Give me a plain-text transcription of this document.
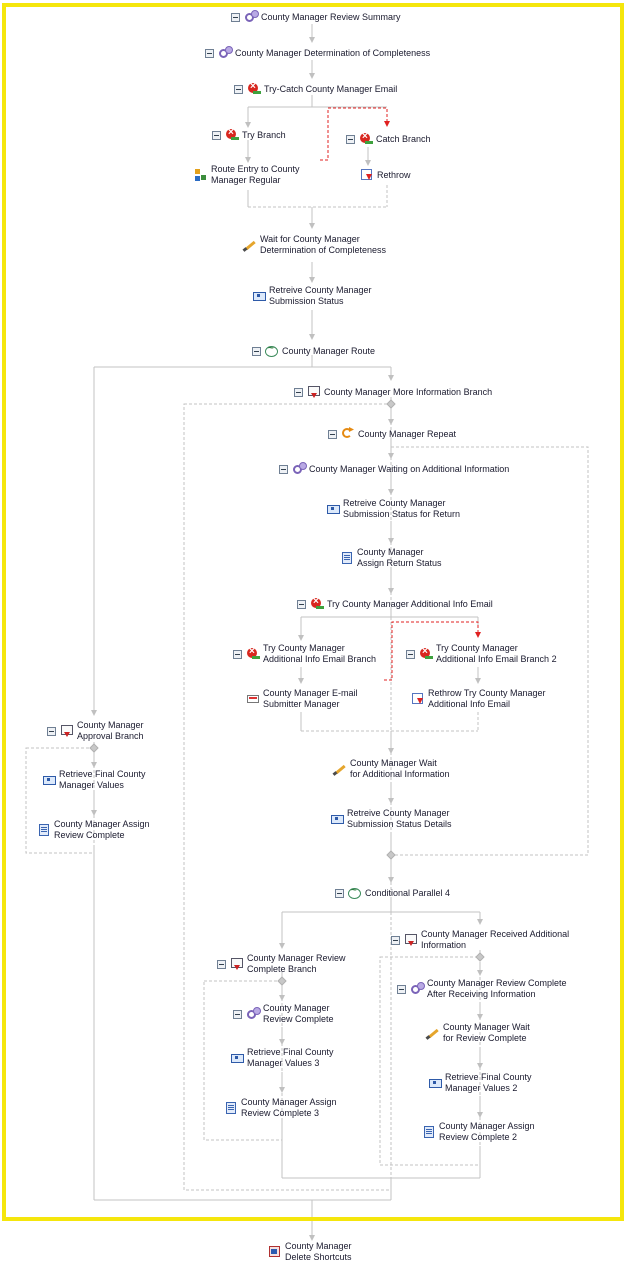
County Manager Review Summary
County Manager Determination of Completeness
×
Try-Catch County Manager Email
×
Try Branch
×	Catch Branch
Route Entry to County
Manager Regular
Rethrow
Wait for County Manager
Determination of Completeness
Retreive County Manager
Submission Status
~
County Manager Route
County Manager More Information Branch
County Manager Repeat
County Manager Waiting on Additional Information
Retreive County Manager
Submission Status for Return
County Manager
Assign Return Status
×
Try County Manager Additional Info Email
×
Try County Manager
Additional Info Email Branch
×
Try County Manager
Additional Info Email Branch 2
County Manager E-mail
Submitter Manager
Rethrow Try County Manager
Additional Info Email
County Manager
Approval Branch
County Manager Wait
for Additional Information
Retrieve Final County
Manager Values
Retreive County Manager
Submission Status Details
County Manager Assign
Review Complete
~
Conditional Parallel 4
County Manager Received Additional
Information
County Manager Review
Complete Branch
County Manager Review Complete
After Receiving Information
County Manager
Review Complete
County Manager Wait
for Review Complete
Retrieve Final County
Manager Values 3
Retrieve Final County
Manager Values 2
County Manager Assign
Review Complete 3
County Manager Assign
Review Complete 2
County Manager
Delete Shortcuts
